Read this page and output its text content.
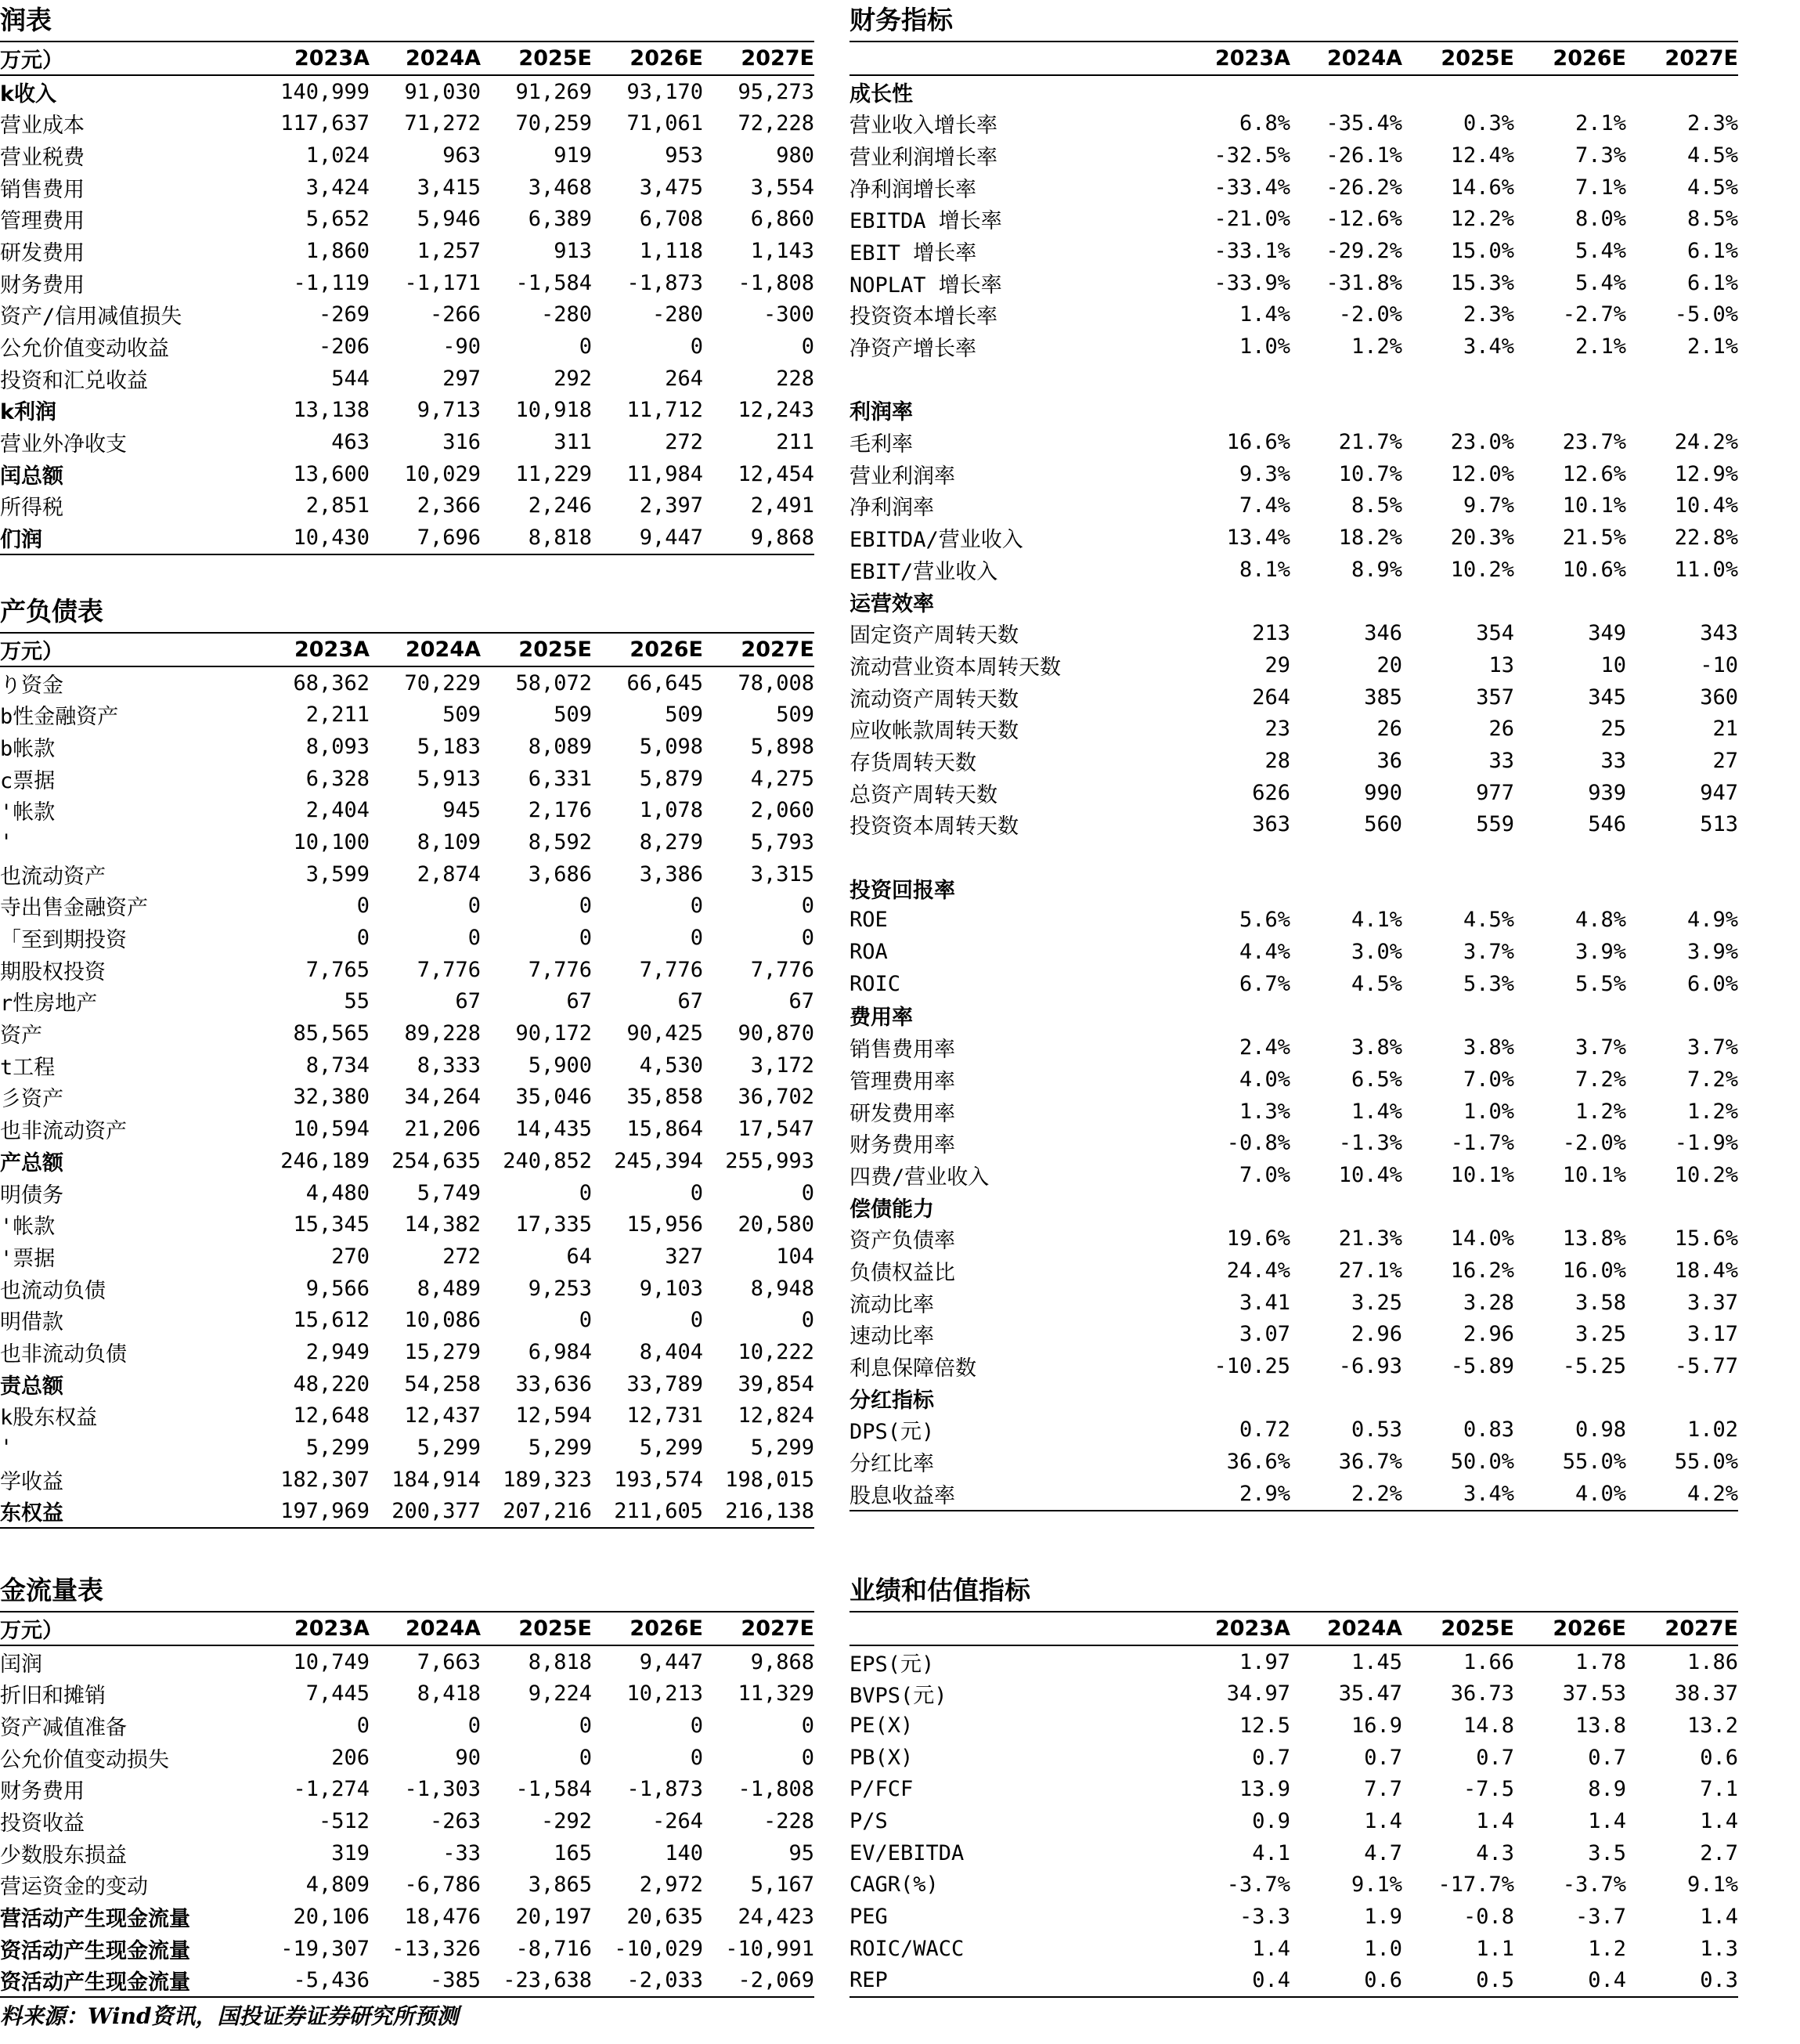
润表
万元）	2023A	2024A	2025E	2026E	2027E
k收入	140,999	91,030	91,269	93,170	95,273
营业成本	117,637	71,272	70,259	71,061	72,228
营业税费	1,024	963	919	953	980
销售费用	3,424	3,415	3,468	3,475	3,554
管理费用	5,652	5,946	6,389	6,708	6,860
研发费用	1,860	1,257	913	1,118	1,143
财务费用	-1,119	-1,171	-1,584	-1,873	-1,808
资产/信用减值损失	-269	-266	-280	-280	-300
公允价值变动收益	-206	-90	0	0	0
投资和汇兑收益	544	297	292	264	228
k利润	13,138	9,713	10,918	11,712	12,243
营业外净收支	463	316	311	272	211
闰总额	13,600	10,029	11,229	11,984	12,454
所得税	2,851	2,366	2,246	2,397	2,491
们润	10,430	7,696	8,818	9,447	9,868
产负债表
万元）	2023A	2024A	2025E	2026E	2027E
り资金	68,362	70,229	58,072	66,645	78,008
b性金融资产	2,211	509	509	509	509
b帐款	8,093	5,183	8,089	5,098	5,898
c票据	6,328	5,913	6,331	5,879	4,275
'帐款	2,404	945	2,176	1,078	2,060
'	10,100	8,109	8,592	8,279	5,793
也流动资产	3,599	2,874	3,686	3,386	3,315
寺出售金融资产	0	0	0	0	0
「至到期投资	0	0	0	0	0
期股权投资	7,765	7,776	7,776	7,776	7,776
r性房地产	55	67	67	67	67
资产	85,565	89,228	90,172	90,425	90,870
t工程	8,734	8,333	5,900	4,530	3,172
彡资产	32,380	34,264	35,046	35,858	36,702
也非流动资产	10,594	21,206	14,435	15,864	17,547
产总额	246,189	254,635	240,852	245,394	255,993
明债务	4,480	5,749	0	0	0
'帐款	15,345	14,382	17,335	15,956	20,580
'票据	270	272	64	327	104
也流动负债	9,566	8,489	9,253	9,103	8,948
明借款	15,612	10,086	0	0	0
也非流动负债	2,949	15,279	6,984	8,404	10,222
责总额	48,220	54,258	33,636	33,789	39,854
k股东权益	12,648	12,437	12,594	12,731	12,824
'	5,299	5,299	5,299	5,299	5,299
学收益	182,307	184,914	189,323	193,574	198,015
东权益	197,969	200,377	207,216	211,605	216,138
金流量表
万元）	2023A	2024A	2025E	2026E	2027E
闰润	10,749	7,663	8,818	9,447	9,868
折旧和摊销	7,445	8,418	9,224	10,213	11,329
资产减值准备	0	0	0	0	0
公允价值变动损失	206	90	0	0	0
财务费用	-1,274	-1,303	-1,584	-1,873	-1,808
投资收益	-512	-263	-292	-264	-228
少数股东损益	319	-33	165	140	95
营运资金的变动	4,809	-6,786	3,865	2,972	5,167
营活动产生现金流量	20,106	18,476	20,197	20,635	24,423
资活动产生现金流量	-19,307	-13,326	-8,716	-10,029	-10,991
资活动产生现金流量	-5,436	-385	-23,638	-2,033	-2,069
料来源：Wind资讯，国投证券证券研究所预测
财务指标
	2023A	2024A	2025E	2026E	2027E
成长性					
营业收入增长率	6.8%	-35.4%	0.3%	2.1%	2.3%
营业利润增长率	-32.5%	-26.1%	12.4%	7.3%	4.5%
净利润增长率	-33.4%	-26.2%	14.6%	7.1%	4.5%
EBITDA 增长率	-21.0%	-12.6%	12.2%	8.0%	8.5%
EBIT 增长率	-33.1%	-29.2%	15.0%	5.4%	6.1%
NOPLAT 增长率	-33.9%	-31.8%	15.3%	5.4%	6.1%
投资资本增长率	1.4%	-2.0%	2.3%	-2.7%	-5.0%
净资产增长率	1.0%	1.2%	3.4%	2.1%	2.1%

利润率					
毛利率	16.6%	21.7%	23.0%	23.7%	24.2%
营业利润率	9.3%	10.7%	12.0%	12.6%	12.9%
净利润率	7.4%	8.5%	9.7%	10.1%	10.4%
EBITDA/营业收入	13.4%	18.2%	20.3%	21.5%	22.8%
EBIT/营业收入	8.1%	8.9%	10.2%	10.6%	11.0%
运营效率					
固定资产周转天数	213	346	354	349	343
流动营业资本周转天数	29	20	13	10	-10
流动资产周转天数	264	385	357	345	360
应收帐款周转天数	23	26	26	25	21
存货周转天数	28	36	33	33	27
总资产周转天数	626	990	977	939	947
投资资本周转天数	363	560	559	546	513

投资回报率					
ROE	5.6%	4.1%	4.5%	4.8%	4.9%
ROA	4.4%	3.0%	3.7%	3.9%	3.9%
ROIC	6.7%	4.5%	5.3%	5.5%	6.0%
费用率					
销售费用率	2.4%	3.8%	3.8%	3.7%	3.7%
管理费用率	4.0%	6.5%	7.0%	7.2%	7.2%
研发费用率	1.3%	1.4%	1.0%	1.2%	1.2%
财务费用率	-0.8%	-1.3%	-1.7%	-2.0%	-1.9%
四费/营业收入	7.0%	10.4%	10.1%	10.1%	10.2%
偿债能力					
资产负债率	19.6%	21.3%	14.0%	13.8%	15.6%
负债权益比	24.4%	27.1%	16.2%	16.0%	18.4%
流动比率	3.41	3.25	3.28	3.58	3.37
速动比率	3.07	2.96	2.96	3.25	3.17
利息保障倍数	-10.25	-6.93	-5.89	-5.25	-5.77
分红指标					
DPS(元)	0.72	0.53	0.83	0.98	1.02
分红比率	36.6%	36.7%	50.0%	55.0%	55.0%
股息收益率	2.9%	2.2%	3.4%	4.0%	4.2%
业绩和估值指标
	2023A	2024A	2025E	2026E	2027E
EPS(元)	1.97	1.45	1.66	1.78	1.86
BVPS(元)	34.97	35.47	36.73	37.53	38.37
PE(X)	12.5	16.9	14.8	13.8	13.2
PB(X)	0.7	0.7	0.7	0.7	0.6
P/FCF	13.9	7.7	-7.5	8.9	7.1
P/S	0.9	1.4	1.4	1.4	1.4
EV/EBITDA	4.1	4.7	4.3	3.5	2.7
CAGR(%)	-3.7%	9.1%	-17.7%	-3.7%	9.1%
PEG	-3.3	1.9	-0.8	-3.7	1.4
ROIC/WACC	1.4	1.0	1.1	1.2	1.3
REP	0.4	0.6	0.5	0.4	0.3
